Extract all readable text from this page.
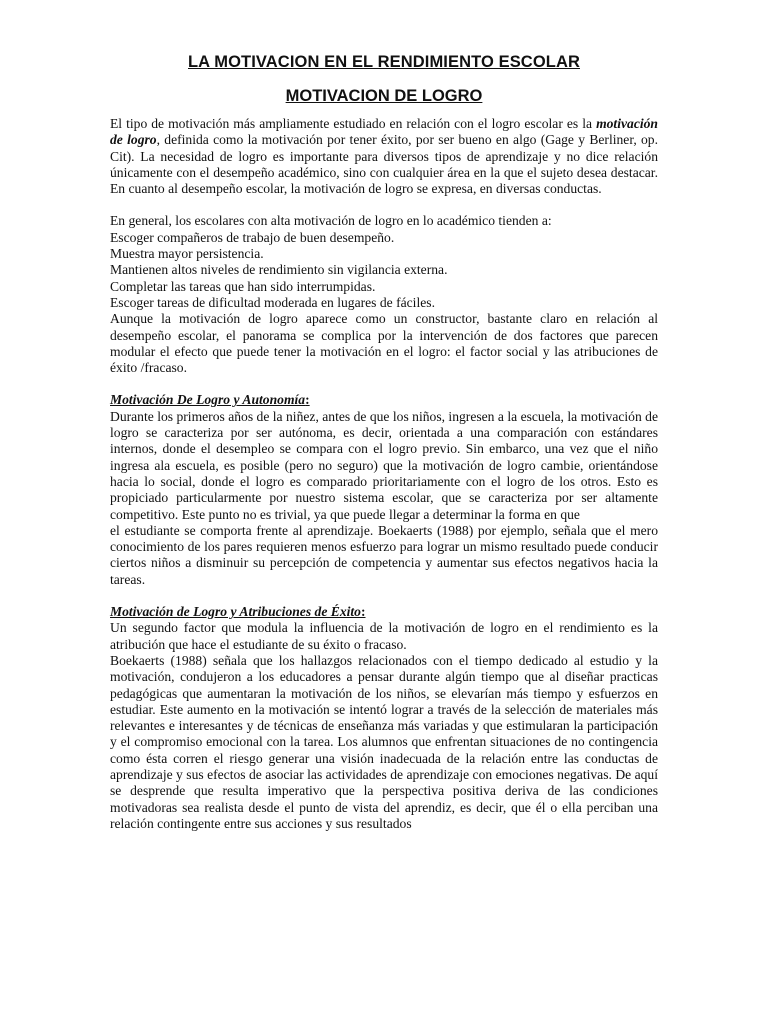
LA MOTIVACION EN EL RENDIMIENTO ESCOLAR
MOTIVACION DE LOGRO

El tipo de motivación más ampliamente estudiado en relación con el logro escolar es la motivación de logro, definida como la motivación por tener éxito, por ser bueno en algo (Gage y Berliner, op. Cit). La necesidad de logro es importante para diversos tipos de aprendizaje y no dice relación únicamente con el desempeño académico, sino con cualquier área en la que el sujeto desea destacar. En cuanto al desempeño escolar, la motivación de logro se expresa, en diversas conductas.

En general, los escolares con alta motivación de logro en lo académico tienden a:

Escoger compañeros de trabajo de buen desempeño.
Muestra mayor persistencia.
Mantienen altos niveles de rendimiento sin vigilancia externa.
Completar las tareas que han sido interrumpidas.
Escoger tareas de dificultad moderada en lugares de fáciles.

Aunque la motivación de logro aparece como un constructor, bastante claro en relación al desempeño escolar, el panorama se complica por la intervención de dos factores que parecen modular el efecto que puede tener la motivación en el logro: el factor social y las atribuciones de éxito /fracaso.

Motivación De Logro y Autonomía:

Durante los primeros años de la niñez, antes de que los niños, ingresen a la escuela, la motivación de logro se caracteriza por ser autónoma, es decir, orientada a una comparación con estándares internos, donde el desempleo se compara con el logro previo. Sin embarco, una vez que el niño ingresa ala escuela, es posible (pero no seguro) que la motivación de logro cambie, orientándose hacia lo social, donde el logro es comparado prioritariamente con el logro de los otros. Esto es propiciado particularmente por nuestro sistema escolar, que se caracteriza por ser altamente competitivo. Este punto no es trivial, ya que puede llegar a determinar la forma en que

el estudiante se comporta frente al aprendizaje. Boekaerts (1988) por ejemplo, señala que el mero conocimiento de los pares requieren menos esfuerzo para lograr un mismo resultado puede conducir ciertos niños a disminuir su percepción de competencia y aumentar sus efectos negativos hacia la tareas.

Motivación de Logro y Atribuciones de Éxito:

Un segundo factor que modula la influencia de la motivación de logro en el rendimiento es la atribución que hace el estudiante de su éxito o fracaso.

Boekaerts (1988) señala que los hallazgos relacionados con el tiempo dedicado al estudio y la motivación, condujeron a los educadores a pensar durante algún tiempo que al diseñar practicas pedagógicas que aumentaran la motivación de los niños, se elevarían más tiempo y esfuerzos en estudiar. Este aumento en la motivación se intentó lograr a través de la selección de materiales más relevantes e interesantes y de técnicas de enseñanza más variadas y que estimularan la participación y el compromiso emocional con la tarea. Los alumnos que enfrentan situaciones de no contingencia como ésta corren el riesgo generar una visión inadecuada de la relación entre las conductas de aprendizaje y sus efectos de asociar las actividades de aprendizaje con emociones negativas. De aquí se desprende que resulta imperativo que la perspectiva positiva deriva de las condiciones motivadoras sea realista desde el punto de vista del aprendiz, es decir, que él o ella perciban una relación contingente entre sus acciones y sus resultados
